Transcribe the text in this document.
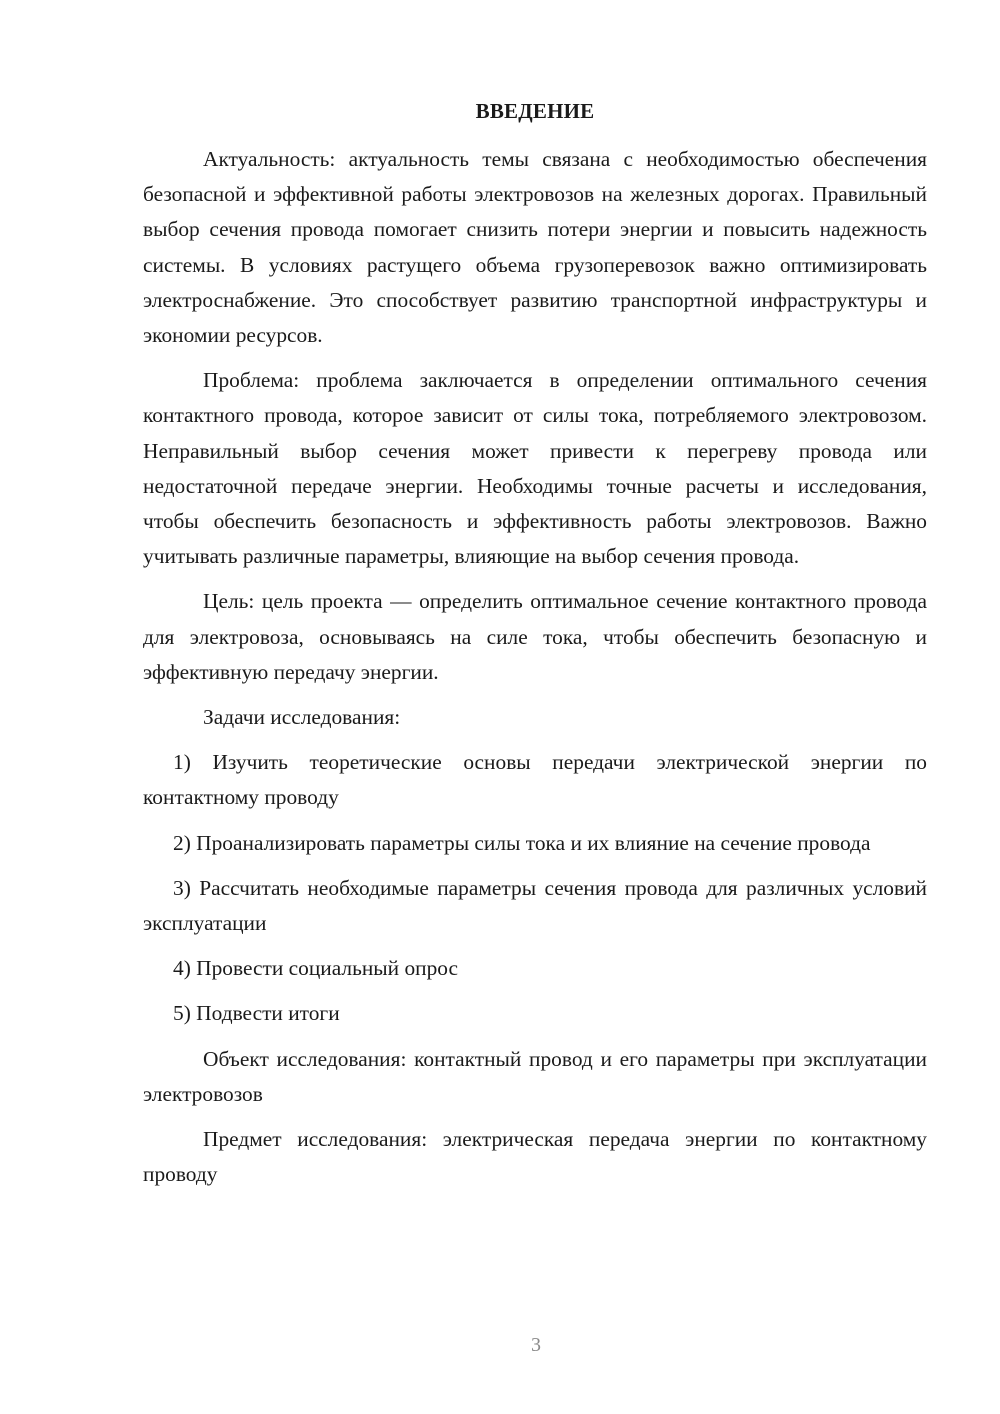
ВВЕДЕНИЕ

Актуальность: актуальность темы связана с необходимостью обеспечения безопасной и эффективной работы электровозов на железных дорогах. Правильный выбор сечения провода помогает снизить потери энергии и повысить надежность системы. В условиях растущего объема грузоперевозок важно оптимизировать электроснабжение. Это способствует развитию транспортной инфраструктуры и экономии ресурсов.

Проблема: проблема заключается в определении оптимального сечения контактного провода, которое зависит от силы тока, потребляемого электровозом. Неправильный выбор сечения может привести к перегреву провода или недостаточной передаче энергии. Необходимы точные расчеты и исследования, чтобы обеспечить безопасность и эффективность работы электровозов. Важно учитывать различные параметры, влияющие на выбор сечения провода.

Цель: цель проекта — определить оптимальное сечение контактного провода для электровоза, основываясь на силе тока, чтобы обеспечить безопасную и эффективную передачу энергии.

Задачи исследования:

1) Изучить теоретические основы передачи электрической энергии по контактному проводу

2) Проанализировать параметры силы тока и их влияние на сечение провода

3) Рассчитать необходимые параметры сечения провода для различных условий эксплуатации

4) Провести социальный опрос

5) Подвести итоги

Объект исследования: контактный провод и его параметры при эксплуатации электровозов

Предмет исследования: электрическая передача энергии по контактному проводу

3
